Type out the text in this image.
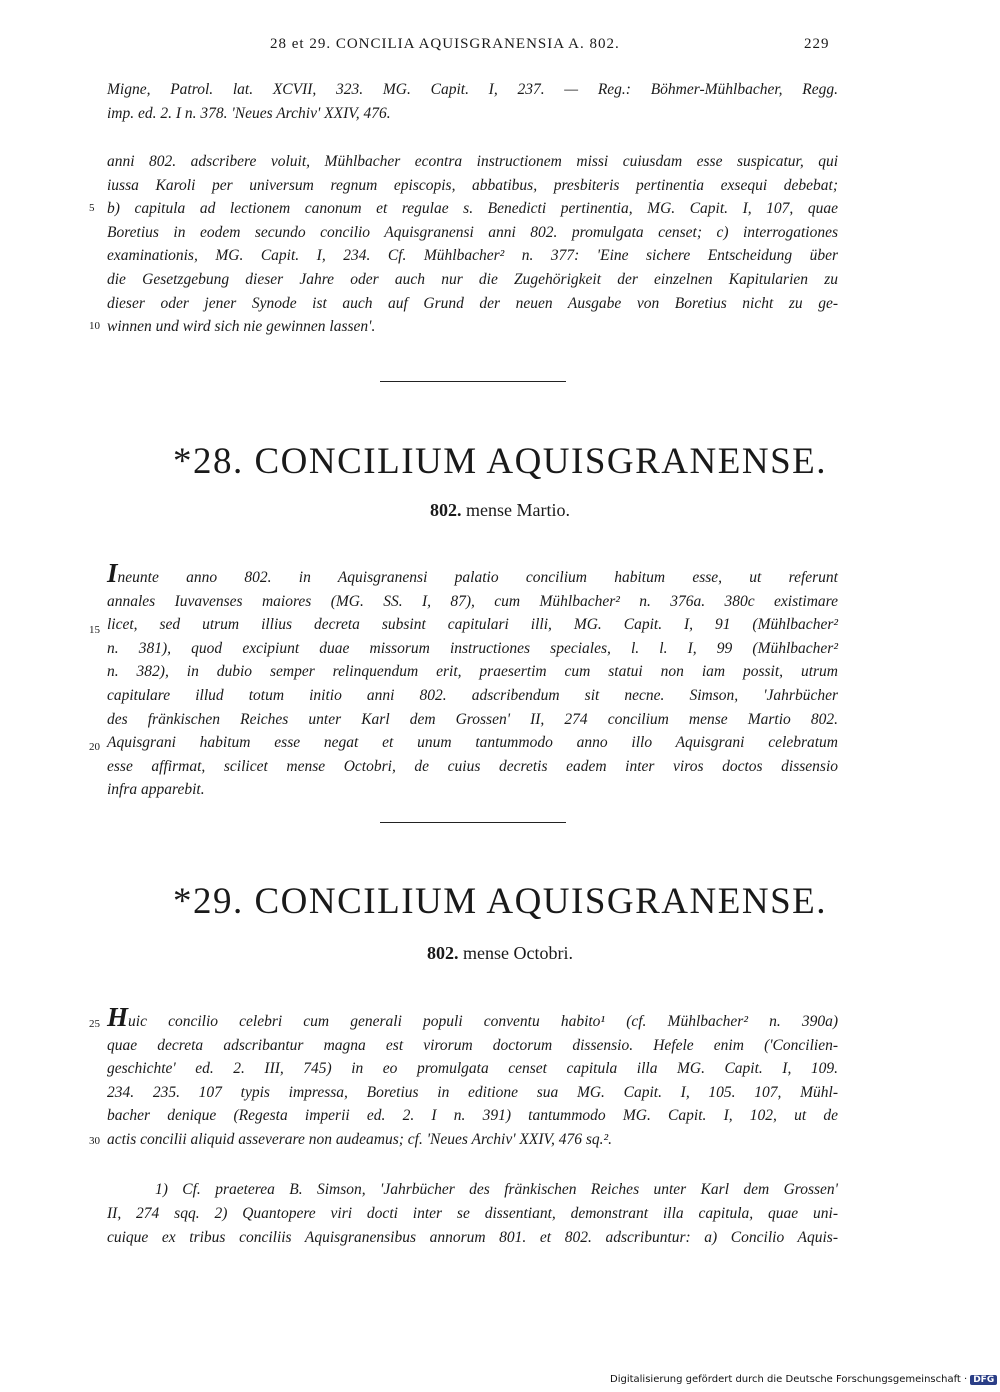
28 et 29. CONCILIA AQUISGRANENSIA A. 802.	229
Migne, Patrol. lat. XCVII, 323. MG. Capit. I, 237. — Reg.: Böhmer-Mühlbacher, Regg.
imp. ed. 2. I n. 378. 'Neues Archiv' XXIV, 476.
anni 802. adscribere voluit, Mühlbacher econtra instructionem missi cuiusdam esse suspicatur, qui
iussa Karoli per universum regnum episcopis, abbatibus, presbiteris pertinentia exsequi debebat;
b) capitula ad lectionem canonum et regulae s. Benedicti pertinentia, MG. Capit. I, 107, quae
Boretius in eodem secundo concilio Aquisgranensi anni 802. promulgata censet; c) interrogationes
examinationis, MG. Capit. I, 234. Cf. Mühlbacher² n. 377: 'Eine sichere Entscheidung über
die Gesetzgebung dieser Jahre oder auch nur die Zugehörigkeit der einzelnen Kapitularien zu
dieser oder jener Synode ist auch auf Grund der neuen Ausgabe von Boretius nicht zu ge-
winnen und wird sich nie gewinnen lassen'.
5
10
*28. CONCILIUM AQUISGRANENSE.
802. mense Martio.
Ineunte anno 802. in Aquisgranensi palatio concilium habitum esse, ut referunt
annales Iuvavenses maiores (MG. SS. I, 87), cum Mühlbacher² n. 376a. 380c existimare
licet, sed utrum illius decreta subsint capitulari illi, MG. Capit. I, 91 (Mühlbacher²
n. 381), quod excipiunt duae missorum instructiones speciales, l. l. I, 99 (Mühlbacher²
n. 382), in dubio semper relinquendum erit, praesertim cum statui non iam possit, utrum
capitulare illud totum initio anni 802. adscribendum sit necne. Simson, 'Jahrbücher
des fränkischen Reiches unter Karl dem Grossen' II, 274 concilium mense Martio 802.
Aquisgrani habitum esse negat et unum tantummodo anno illo Aquisgrani celebratum
esse affirmat, scilicet mense Octobri, de cuius decretis eadem inter viros doctos dissensio
infra apparebit.
15
20
*29. CONCILIUM AQUISGRANENSE.
802. mense Octobri.
Huic concilio celebri cum generali populi conventu habito¹ (cf. Mühlbacher² n. 390a)
quae decreta adscribantur magna est virorum doctorum dissensio. Hefele enim ('Concilien-
geschichte' ed. 2. III, 745) in eo promulgata censet capitula illa MG. Capit. I, 109.
234. 235. 107 typis impressa, Boretius in editione sua MG. Capit. I, 105. 107, Mühl-
bacher denique (Regesta imperii ed. 2. I n. 391) tantummodo MG. Capit. I, 102, ut de
actis concilii aliquid asseverare non audeamus; cf. 'Neues Archiv' XXIV, 476 sq.².
25
30
1) Cf. praeterea B. Simson, 'Jahrbücher des fränkischen Reiches unter Karl dem Grossen'
II, 274 sqq. 2) Quantopere viri docti inter se dissentiant, demonstrant illa capitula, quae uni-
cuique ex tribus conciliis Aquisgranensibus annorum 801. et 802. adscribuntur: a) Concilio Aquis-
Digitalisierung gefördert durch die Deutsche Forschungsgemeinschaft · DFG
